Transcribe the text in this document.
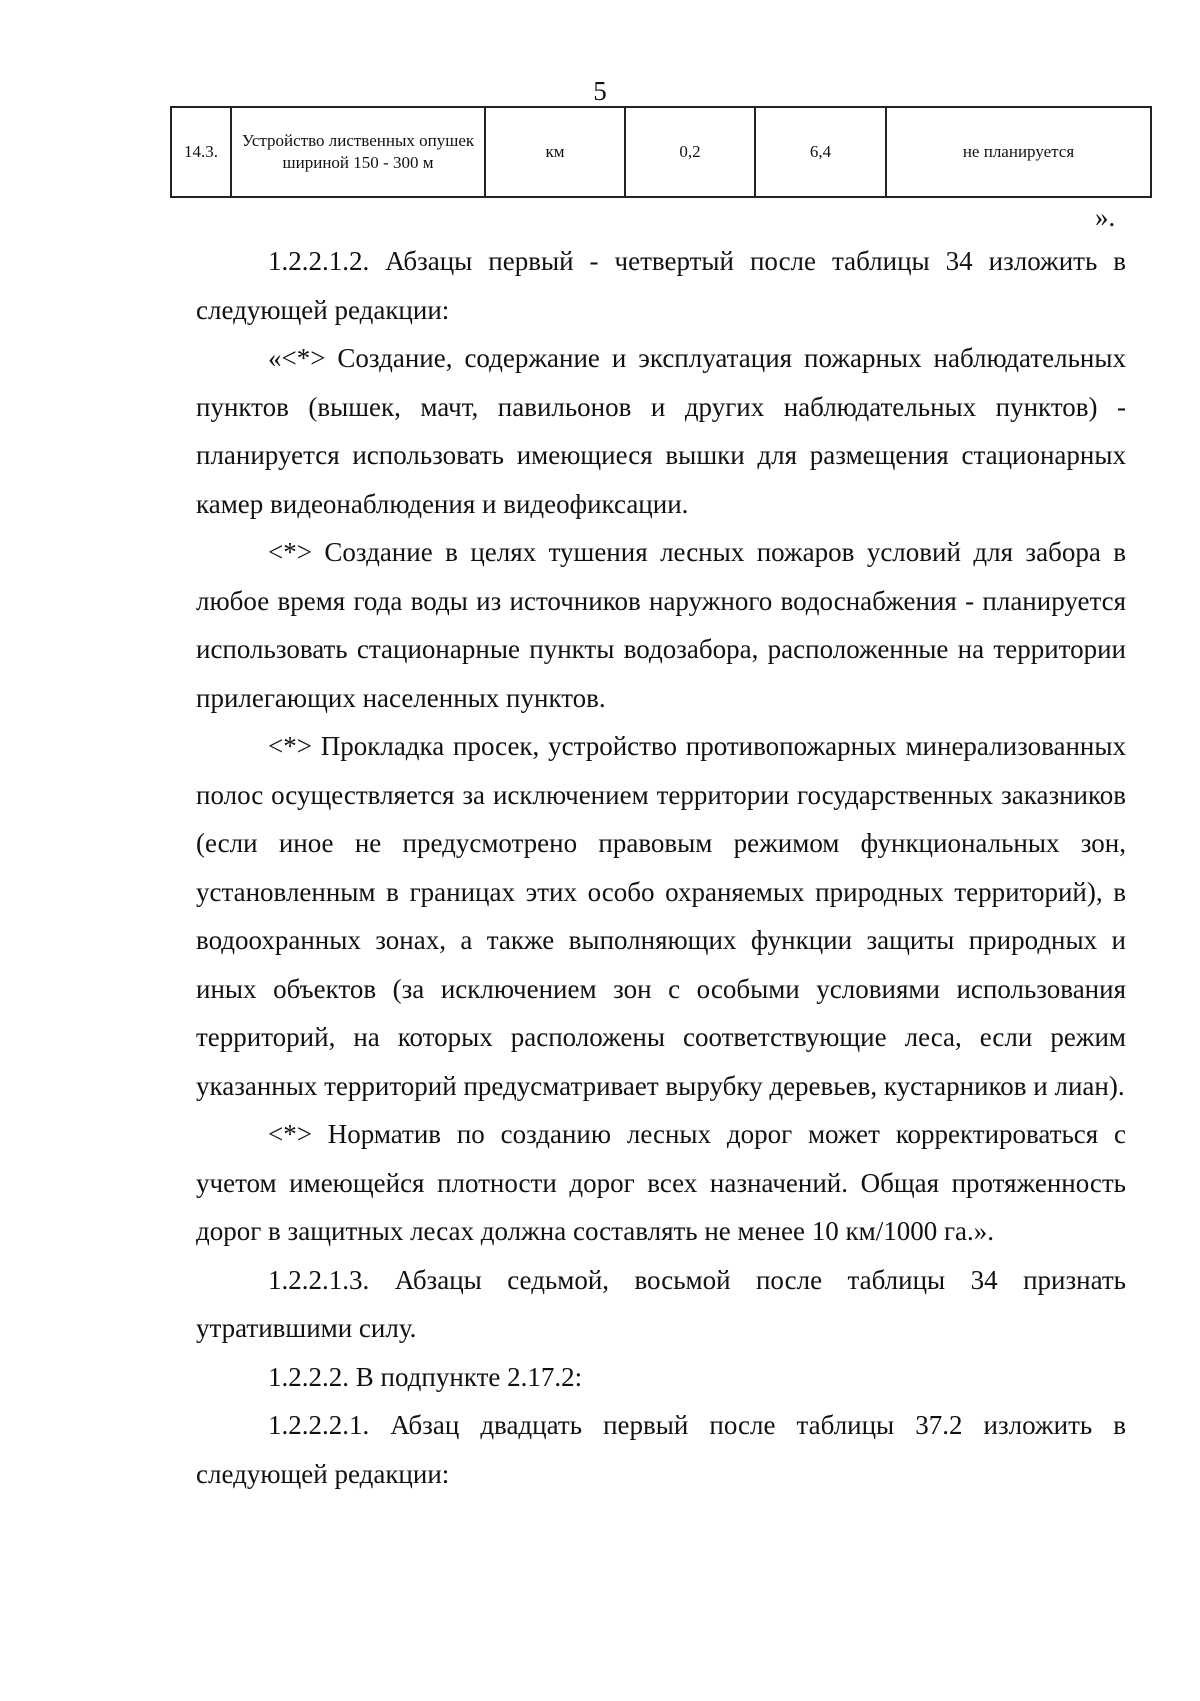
5
14.3.	Устройство лиственных опушек шириной 150 - 300 м	км	0,2	6,4	не планируется
».

1.2.2.1.2. Абзацы первый - четвертый после таблицы 34 изложить в следующей редакции:

«<*> Создание, содержание и эксплуатация пожарных наблюдательных пунктов (вышек, мачт, павильонов и других наблюдательных пунктов) - планируется использовать имеющиеся вышки для размещения стационарных камер видеонаблюдения и видеофиксации.

<*> Создание в целях тушения лесных пожаров условий для забора в любое время года воды из источников наружного водоснабжения - планируется использовать стационарные пункты водозабора, расположенные на территории прилегающих населенных пунктов.

<*> Прокладка просек, устройство противопожарных минерализованных полос осуществляется за исключением территории государственных заказников (если иное не предусмотрено правовым режимом функциональных зон, установленным в границах этих особо охраняемых природных территорий), в водоохранных зонах, а также выполняющих функции защиты природных и иных объектов (за исключением зон с особыми условиями использования территорий, на которых расположены соответствующие леса, если режим указанных территорий предусматривает вырубку деревьев, кустарников и лиан).

<*> Норматив по созданию лесных дорог может корректироваться с учетом имеющейся плотности дорог всех назначений. Общая протяженность дорог в защитных лесах должна составлять не менее 10 км/1000 га.».

1.2.2.1.3. Абзацы седьмой, восьмой после таблицы 34 признать утратившими силу.

1.2.2.2. В подпункте 2.17.2:

1.2.2.2.1. Абзац двадцать первый после таблицы 37.2 изложить в следующей редакции:
